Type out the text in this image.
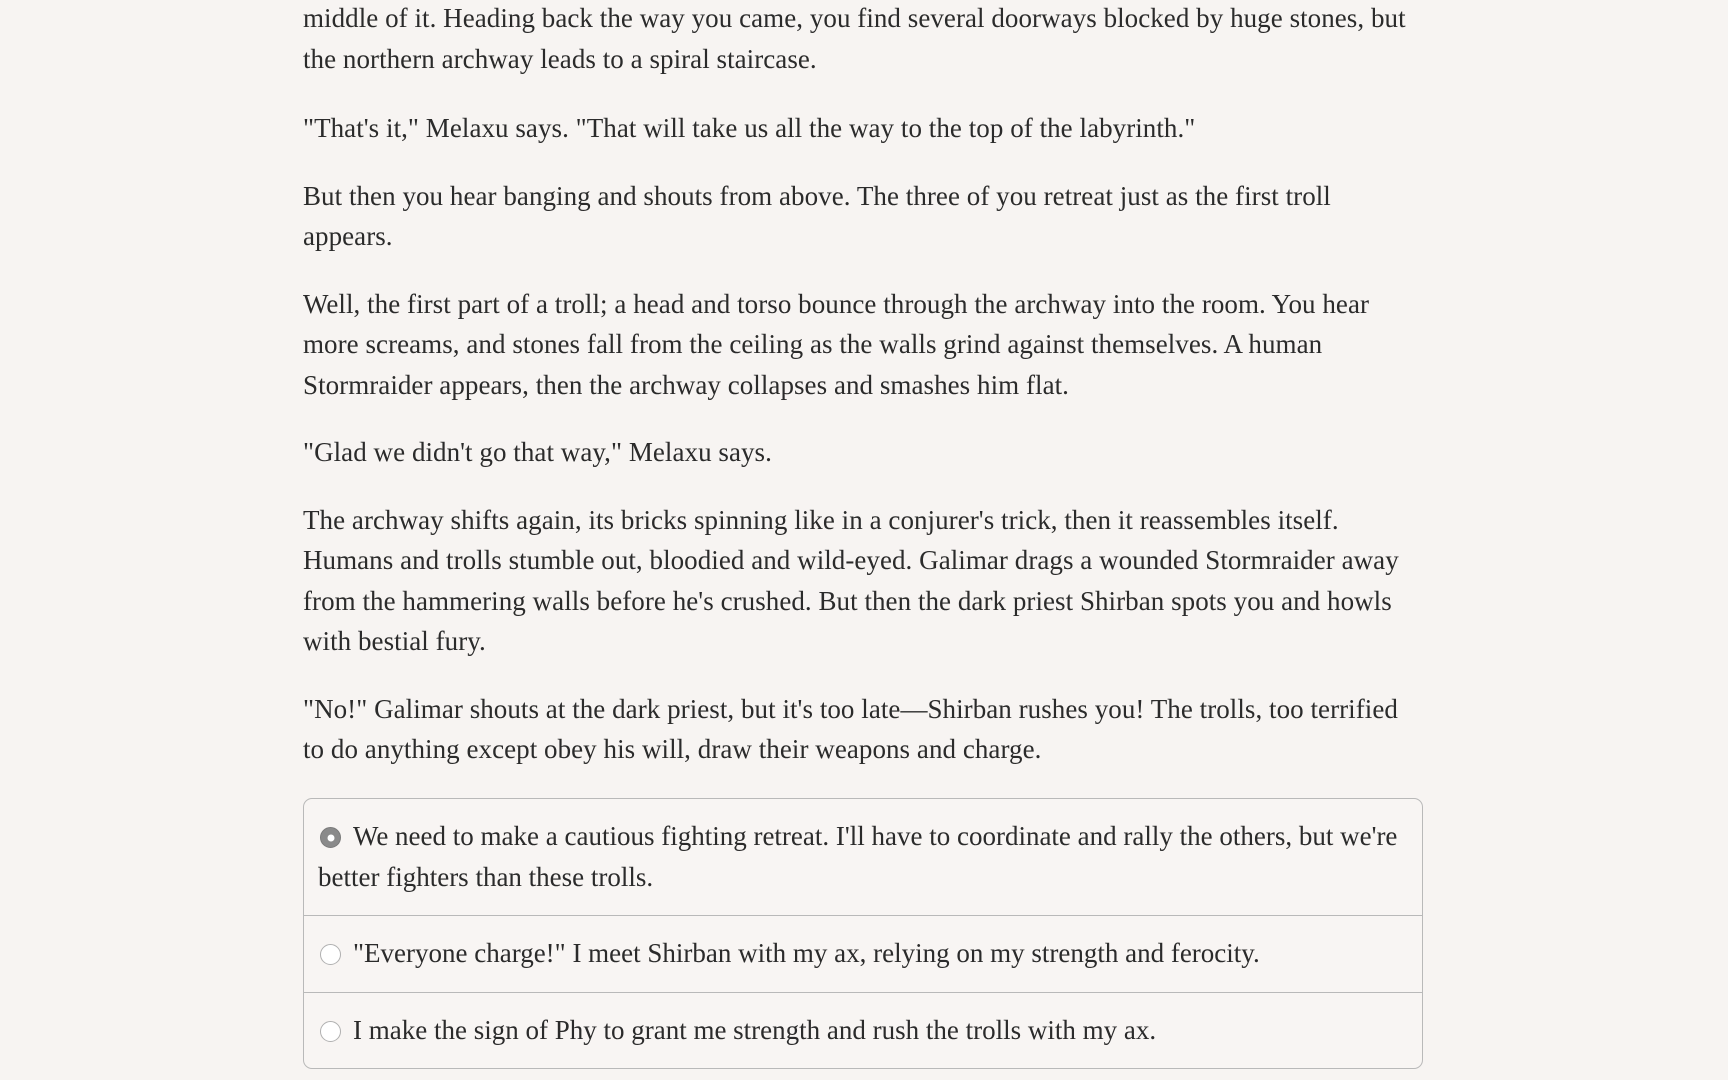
middle of it. Heading back the way you came, you find several doorways blocked by huge stones, but the northern archway leads to a spiral staircase.

"That's it," Melaxu says. "That will take us all the way to the top of the labyrinth."

But then you hear banging and shouts from above. The three of you retreat just as the first troll appears.

Well, the first part of a troll; a head and torso bounce through the archway into the room. You hear more screams, and stones fall from the ceiling as the walls grind against themselves. A human Stormraider appears, then the archway collapses and smashes him flat.

"Glad we didn't go that way," Melaxu says.

The archway shifts again, its bricks spinning like in a conjurer's trick, then it reassembles itself. Humans and trolls stumble out, bloodied and wild-eyed. Galimar drags a wounded Stormraider away from the hammering walls before he's crushed. But then the dark priest Shirban spots you and howls with bestial fury.

"No!" Galimar shouts at the dark priest, but it's too late—Shirban rushes you! The trolls, too terrified to do anything except obey his will, draw their weapons and charge.

We need to make a cautious fighting retreat. I'll have to coordinate and rally the others, but we're better fighters than these trolls.
"Everyone charge!" I meet Shirban with my ax, relying on my strength and ferocity.
I make the sign of Phy to grant me strength and rush the trolls with my ax.
